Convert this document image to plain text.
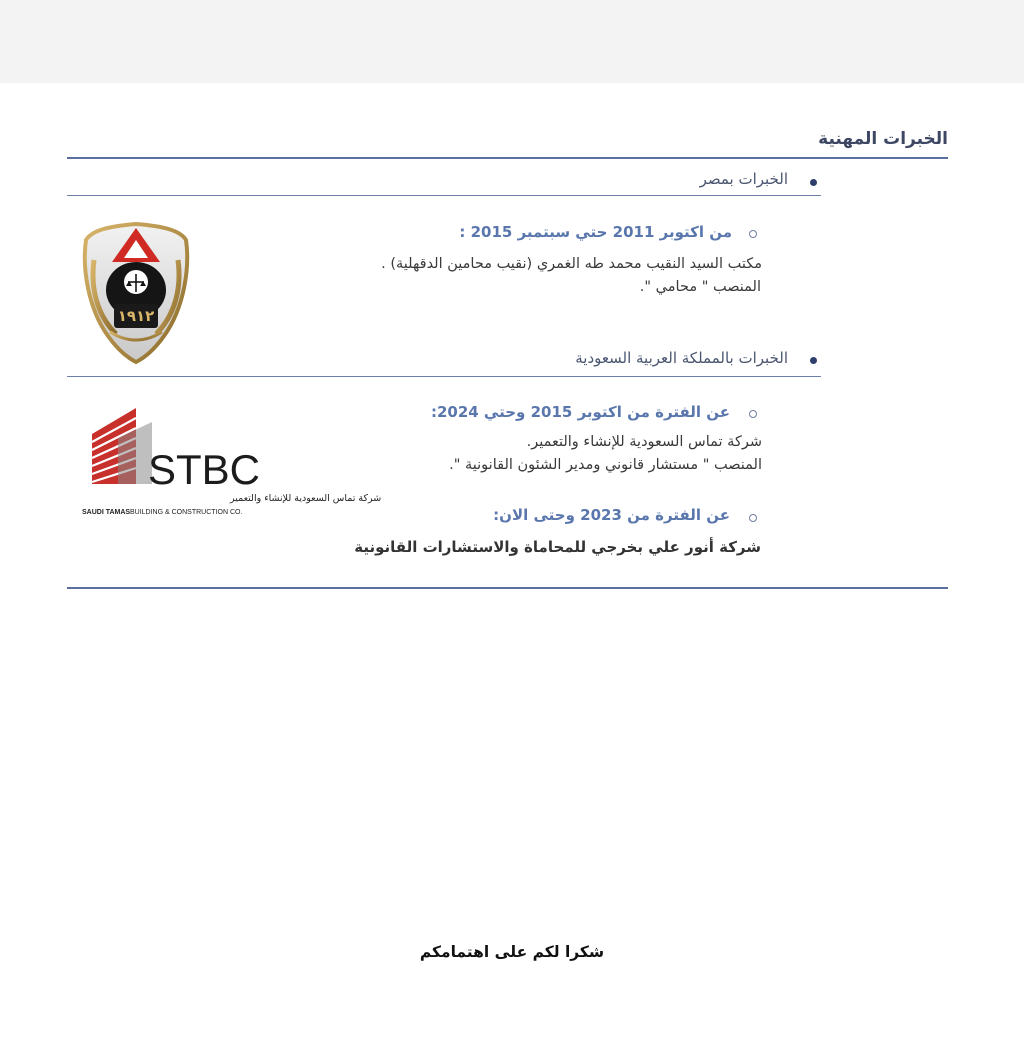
الخبرات المهنية
الخبرات بمصر
من اكتوبر 2011 حتي سبتمبر 2015 :
مكتب السيد النقيب محمد طه الغمري (نقيب محامين الدقهلية) .
المنصب " محامي ".
١٩١٢
الخبرات بالمملكة العربية السعودية
عن الفترة من اكتوبر 2015 وحتي 2024:
شركة تماس السعودية للإنشاء والتعمير.
المنصب " مستشار قانوني ومدير الشئون القانونية ".
عن الفترة من 2023 وحتى الان:
شركة أنور علي بخرجي للمحاماة والاستشارات القانونية
STBC
شركة تماس السعودية للإنشاء والتعمير
SAUDI TAMAS BUILDING & CONSTRUCTION CO.
شكرا لكم على اهتمامكم
